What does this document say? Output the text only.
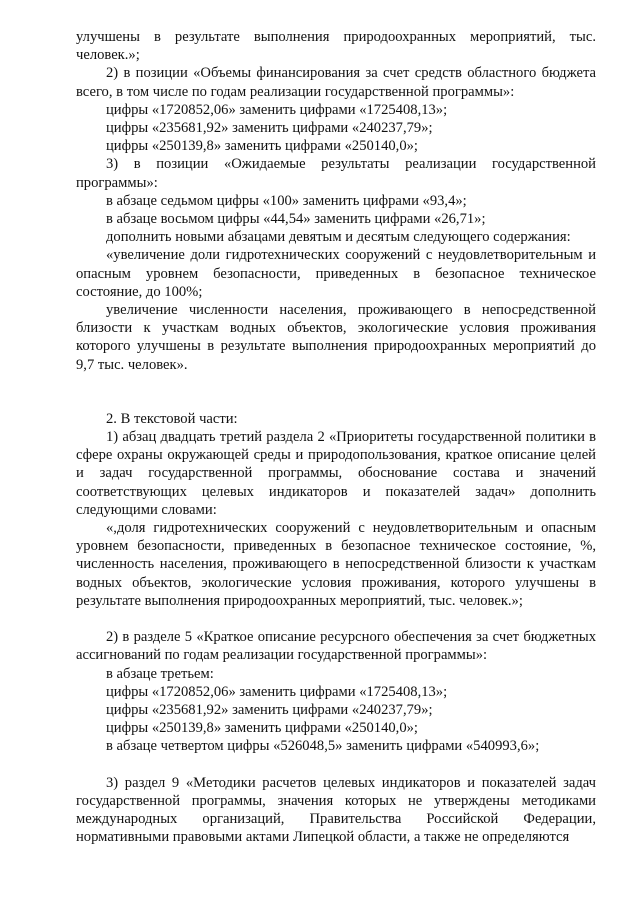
улучшены в результате выполнения природоохранных мероприятий, тыс. человек.»;

2) в позиции «Объемы финансирования за счет средств областного бюджета всего, в том числе по годам реализации государственной программы»:

цифры «1720852,06» заменить цифрами «1725408,13»;

цифры «235681,92» заменить цифрами «240237,79»;

цифры «250139,8» заменить цифрами «250140,0»;

3) в позиции «Ожидаемые результаты реализации государственной программы»:

в абзаце седьмом цифры «100» заменить цифрами «93,4»;

в абзаце восьмом цифры «44,54» заменить цифрами «26,71»;

дополнить новыми абзацами девятым и десятым следующего содержания:

«увеличение доли гидротехнических сооружений с неудовлетворительным и опасным уровнем безопасности, приведенных в безопасное техническое состояние, до 100%;

увеличение численности населения, проживающего в непосредственной близости к участкам водных объектов, экологические условия проживания которого улучшены в результате выполнения природоохранных мероприятий до 9,7 тыс. человек».

2. В текстовой части:

1) абзац двадцать третий раздела 2 «Приоритеты государственной политики в сфере охраны окружающей среды и природопользования, краткое описание целей и задач государственной программы, обоснование состава и значений соответствующих целевых индикаторов и показателей задач» дополнить следующими словами:

«,доля гидротехнических сооружений с неудовлетворительным и опасным уровнем безопасности, приведенных в безопасное техническое состояние, %, численность населения, проживающего в непосредственной близости к участкам водных объектов, экологические условия проживания, которого улучшены в результате выполнения природоохранных мероприятий, тыс. человек.»;

2) в разделе 5 «Краткое описание ресурсного обеспечения за счет бюджетных ассигнований по годам реализации государственной программы»:

в абзаце третьем:

цифры «1720852,06» заменить цифрами «1725408,13»;

цифры «235681,92» заменить цифрами «240237,79»;

цифры «250139,8» заменить цифрами «250140,0»;

в абзаце четвертом цифры «526048,5» заменить цифрами «540993,6»;

3) раздел 9 «Методики расчетов целевых индикаторов и показателей задач государственной программы, значения которых не утверждены методиками международных организаций, Правительства Российской Федерации, нормативными правовыми актами Липецкой области, а также не определяются
